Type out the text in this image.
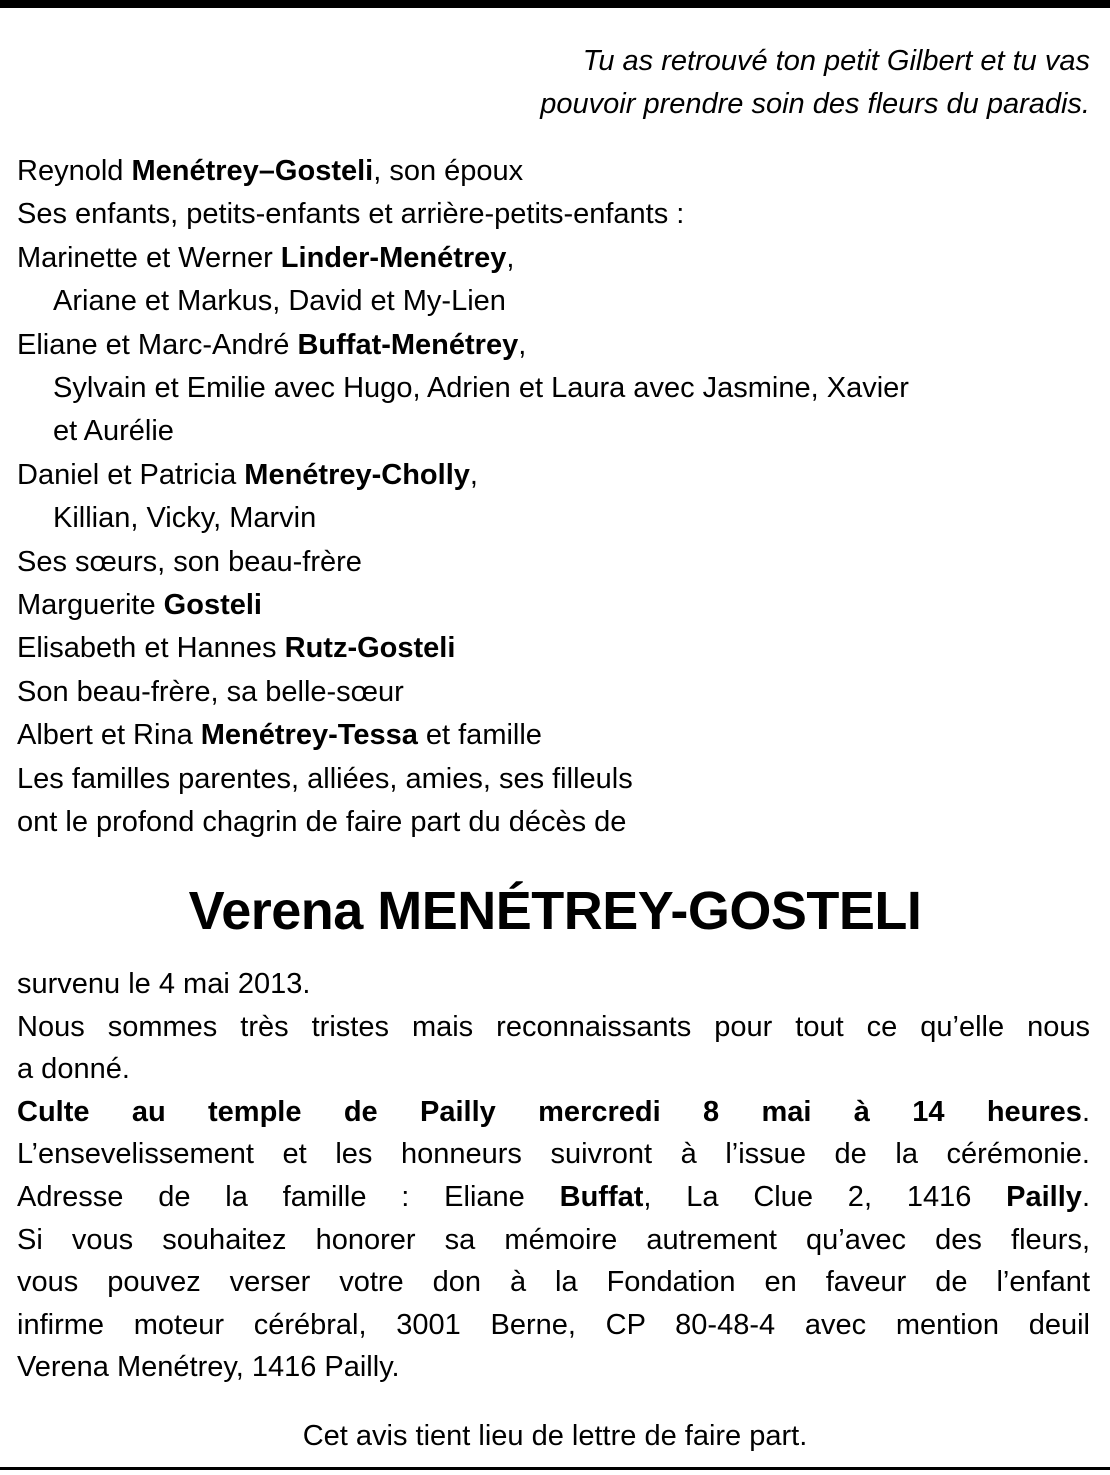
Tu as retrouvé ton petit Gilbert et tu vas
pouvoir prendre soin des fleurs du paradis.
Reynold Menétrey–Gosteli, son époux
Ses enfants, petits-enfants et arrière-petits-enfants :
Marinette et Werner Linder-Menétrey,
Ariane et Markus, David et My-Lien
Eliane et Marc-André Buffat-Menétrey,
Sylvain et Emilie avec Hugo, Adrien et Laura avec Jasmine, Xavier
et Aurélie
Daniel et Patricia Menétrey-Cholly,
Killian, Vicky, Marvin
Ses sœurs, son beau-frère
Marguerite Gosteli
Elisabeth et Hannes Rutz-Gosteli
Son beau-frère, sa belle-sœur
Albert et Rina Menétrey-Tessa et famille
Les familles parentes, alliées, amies, ses filleuls
ont le profond chagrin de faire part du décès de
Verena MENÉTREY-GOSTELI
survenu le 4 mai 2013.
Nous sommes très tristes mais reconnaissants pour tout ce qu’elle nous
a donné.
Culte au temple de Pailly mercredi 8 mai à 14 heures.
L’ensevelissement et les honneurs suivront à l’issue de la cérémonie.
Adresse de la famille : Eliane Buffat, La Clue 2, 1416 Pailly.
Si vous souhaitez honorer sa mémoire autrement qu’avec des fleurs,
vous pouvez verser votre don à la Fondation en faveur de l’enfant
infirme moteur cérébral, 3001 Berne, CP 80-48-4 avec mention deuil
Verena Menétrey, 1416 Pailly.
Cet avis tient lieu de lettre de faire part.
